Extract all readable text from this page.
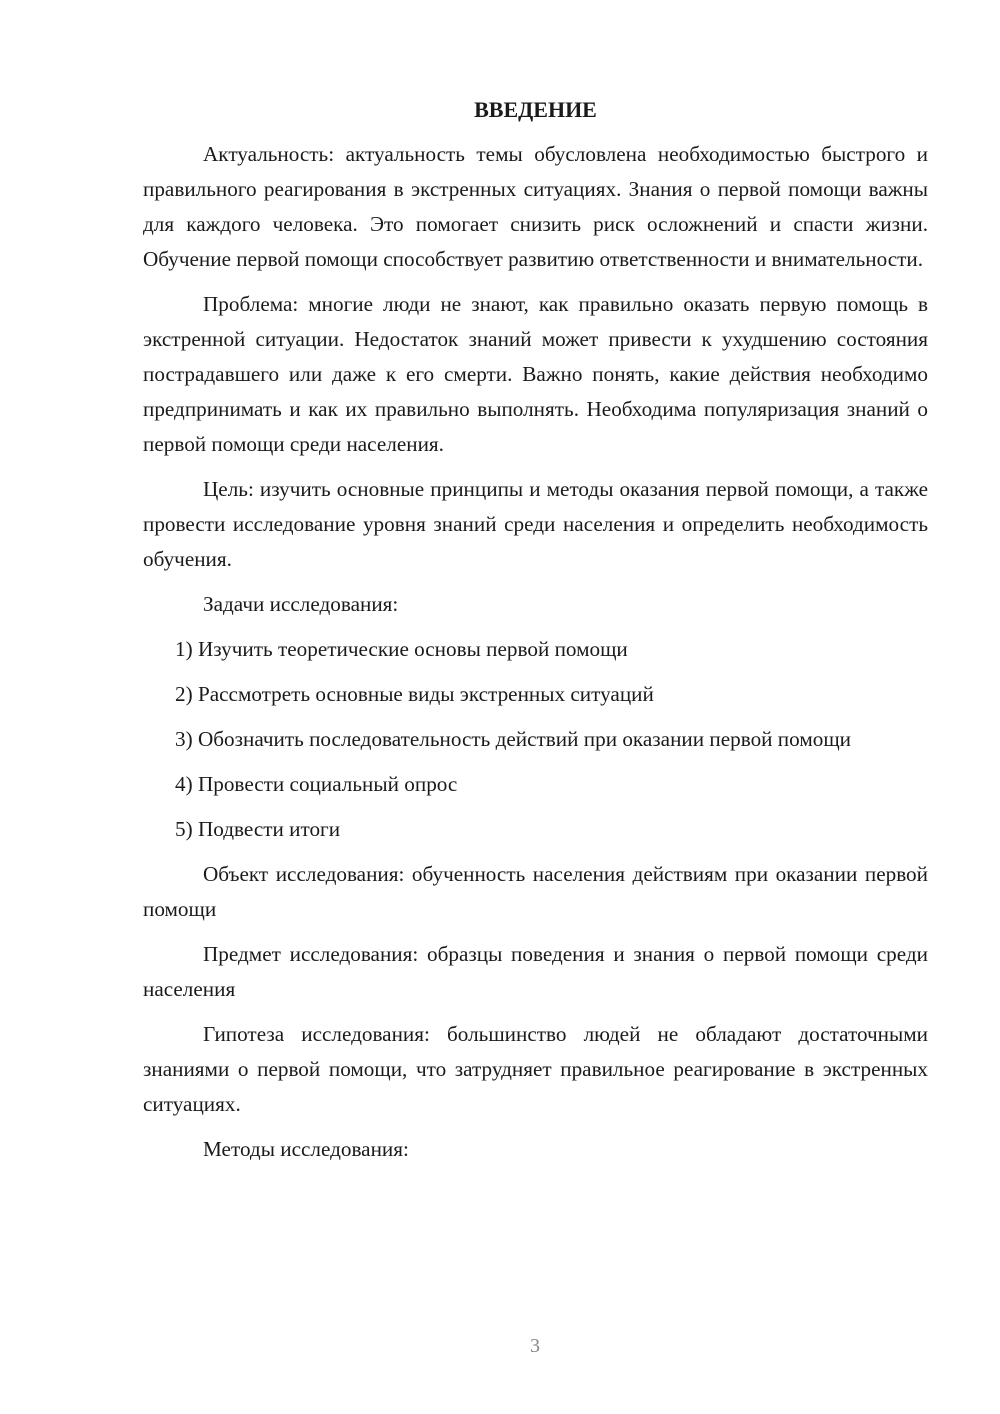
ВВЕДЕНИЕ

Актуальность: актуальность темы обусловлена необходимостью быстрого и правильного реагирования в экстренных ситуациях. Знания о первой помощи важны для каждого человека. Это помогает снизить риск осложнений и спасти жизни. Обучение первой помощи способствует развитию ответственности и внимательности.

Проблема: многие люди не знают, как правильно оказать первую помощь в экстренной ситуации. Недостаток знаний может привести к ухудшению состояния пострадавшего или даже к его смерти. Важно понять, какие действия необходимо предпринимать и как их правильно выполнять. Необходима популяризация знаний о первой помощи среди населения.

Цель: изучить основные принципы и методы оказания первой помощи, а также провести исследование уровня знаний среди населения и определить необходимость обучения.

Задачи исследования:

1) Изучить теоретические основы первой помощи

2) Рассмотреть основные виды экстренных ситуаций

3) Обозначить последовательность действий при оказании первой помощи

4) Провести социальный опрос

5) Подвести итоги

Объект исследования: обученность населения действиям при оказании первой помощи

Предмет исследования: образцы поведения и знания о первой помощи среди населения

Гипотеза исследования: большинство людей не обладают достаточными знаниями о первой помощи, что затрудняет правильное реагирование в экстренных ситуациях.

Методы исследования:

3
